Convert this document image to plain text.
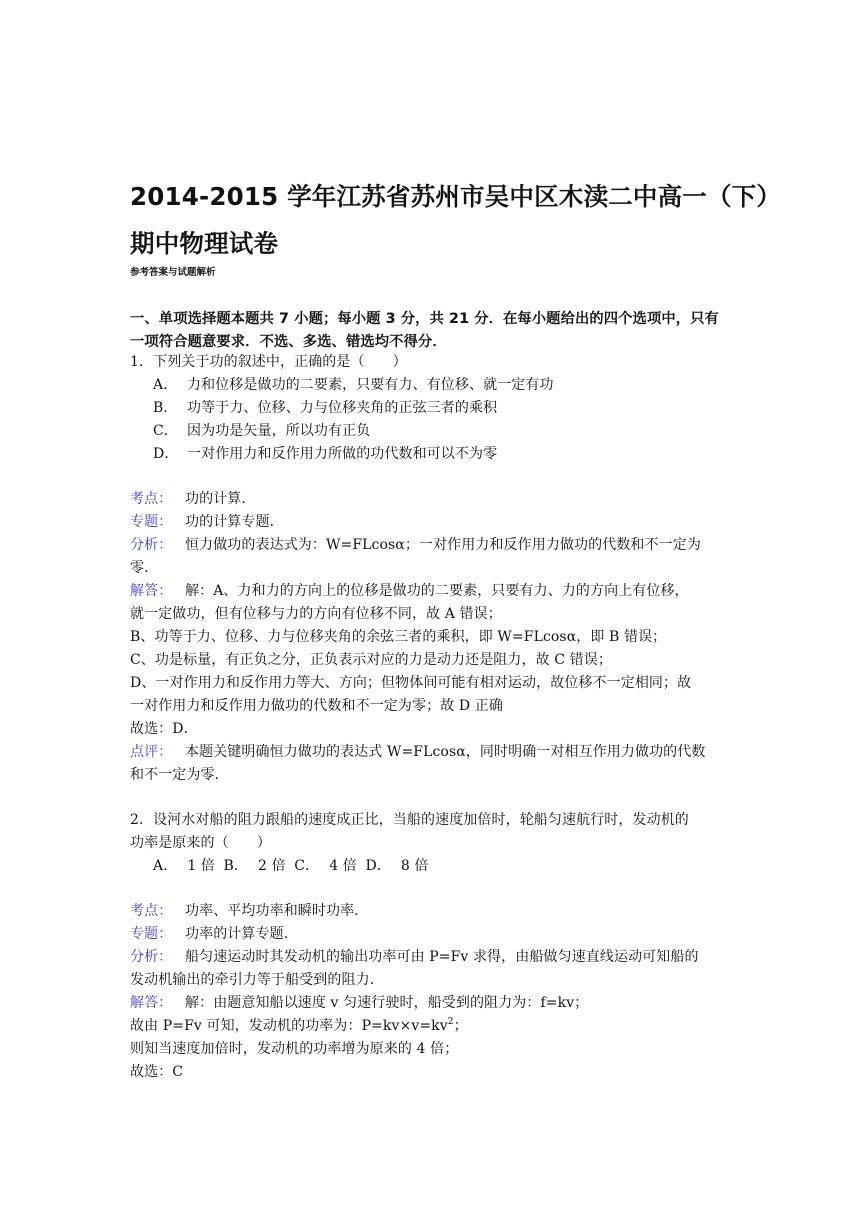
2014-2015 学年江苏省苏州市吴中区木渎二中高一（下）
期中物理试卷
参考答案与试题解析
一、单项选择题本题共 7 小题；每小题 3 分，共 21 分．在每小题给出的四个选项中，只有
一项符合题意要求．不选、多选、错选均不得分．
1．下列关于功的叙述中，正确的是（　　）
A． 力和位移是做功的二要素，只要有力、有位移、就一定有功
B． 功等于力、位移、力与位移夹角的正弦三者的乘积
C． 因为功是矢量，所以功有正负
D． 一对作用力和反作用力所做的功代数和可以不为零
考点： 功的计算．
专题： 功的计算专题．
分析： 恒力做功的表达式为：W=FLcosα；一对作用力和反作用力做功的代数和不一定为
零．
解答： 解：A、力和力的方向上的位移是做功的二要素，只要有力、力的方向上有位移，
就一定做功，但有位移与力的方向有位移不同，故 A 错误；
B、功等于力、位移、力与位移夹角的余弦三者的乘积，即 W=FLcosα，即 B 错误；
C、功是标量，有正负之分，正负表示对应的力是动力还是阻力，故 C 错误；
D、一对作用力和反作用力等大、方向；但物体间可能有相对运动，故位移不一定相同；故
一对作用力和反作用力做功的代数和不一定为零；故 D 正确
故选：D．
点评： 本题关键明确恒力做功的表达式 W=FLcosα，同时明确一对相互作用力做功的代数
和不一定为零．
2．设河水对船的阻力跟船的速度成正比，当船的速度加倍时，轮船匀速航行时，发动机的
功率是原来的（　　）
A． 1 倍 B． 2 倍 C． 4 倍 D． 8 倍
考点： 功率、平均功率和瞬时功率．
专题： 功率的计算专题．
分析： 船匀速运动时其发动机的输出功率可由 P=Fv 求得，由船做匀速直线运动可知船的
发动机输出的牵引力等于船受到的阻力．
解答： 解：由题意知船以速度 v 匀速行驶时，船受到的阻力为：f=kv；
故由 P=Fv 可知，发动机的功率为：$P=kv\times v=kv^2$；
则知当速度加倍时，发动机的功率增为原来的 4 倍；
故选：C
